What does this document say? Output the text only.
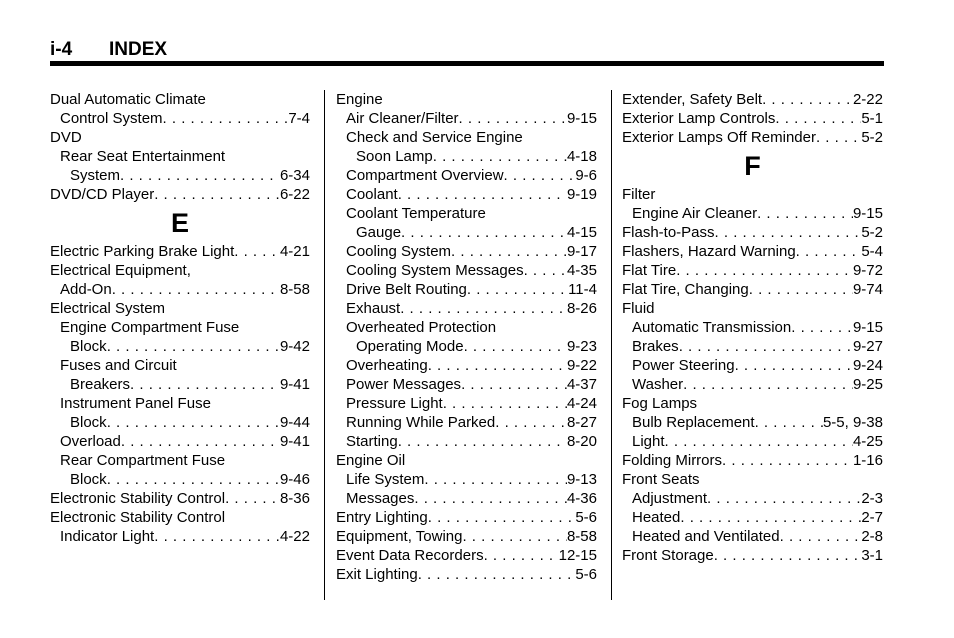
i-4 INDEX
Dual Automatic Climate
Control System . . .	7-4
DVD
Rear Seat Entertainment
System . . .	6-34
DVD/CD Player . . .	6-22
E
Electric Parking Brake Light . . .	4-21
Electrical Equipment,
Add-On . . .	8-58
Electrical System
Engine Compartment Fuse
Block . . .	9-42
Fuses and Circuit
Breakers . . .	9-41
Instrument Panel Fuse
Block . . .	9-44
Overload . . .	9-41
Rear Compartment Fuse
Block . . .	9-46
Electronic Stability Control . . .	8-36
Electronic Stability Control
Indicator Light . . .	4-22
Engine
Air Cleaner/Filter . . .	9-15
Check and Service Engine
Soon Lamp . . .	4-18
Compartment Overview . . .	9-6
Coolant . . .	9-19
Coolant Temperature
Gauge . . .	4-15
Cooling System . . .	9-17
Cooling System Messages . . .	4-35
Drive Belt Routing . . .	11-4
Exhaust . . .	8-26
Overheated Protection
Operating Mode . . .	9-23
Overheating . . .	9-22
Power Messages . . .	4-37
Pressure Light . . .	4-24
Running While Parked . . .	8-27
Starting . . .	8-20
Engine Oil
Life System . . .	9-13
Messages . . .	4-36
Entry Lighting . . .	5-6
Equipment, Towing . . .	8-58
Event Data Recorders . . .	12-15
Exit Lighting . . .	5-6
Extender, Safety Belt . . .	2-22
Exterior Lamp Controls . . .	5-1
Exterior Lamps Off Reminder . . .	5-2
F
Filter
Engine Air Cleaner . . .	9-15
Flash-to-Pass . . .	5-2
Flashers, Hazard Warning . . .	5-4
Flat Tire . . .	9-72
Flat Tire, Changing . . .	9-74
Fluid
Automatic Transmission . . .	9-15
Brakes . . .	9-27
Power Steering . . .	9-24
Washer . . .	9-25
Fog Lamps
Bulb Replacement . . .	5-5, 9-38
Light . . .	4-25
Folding Mirrors . . .	1-16
Front Seats
Adjustment . . .	2-3
Heated . . .	2-7
Heated and Ventilated . . .	2-8
Front Storage . . .	3-1
